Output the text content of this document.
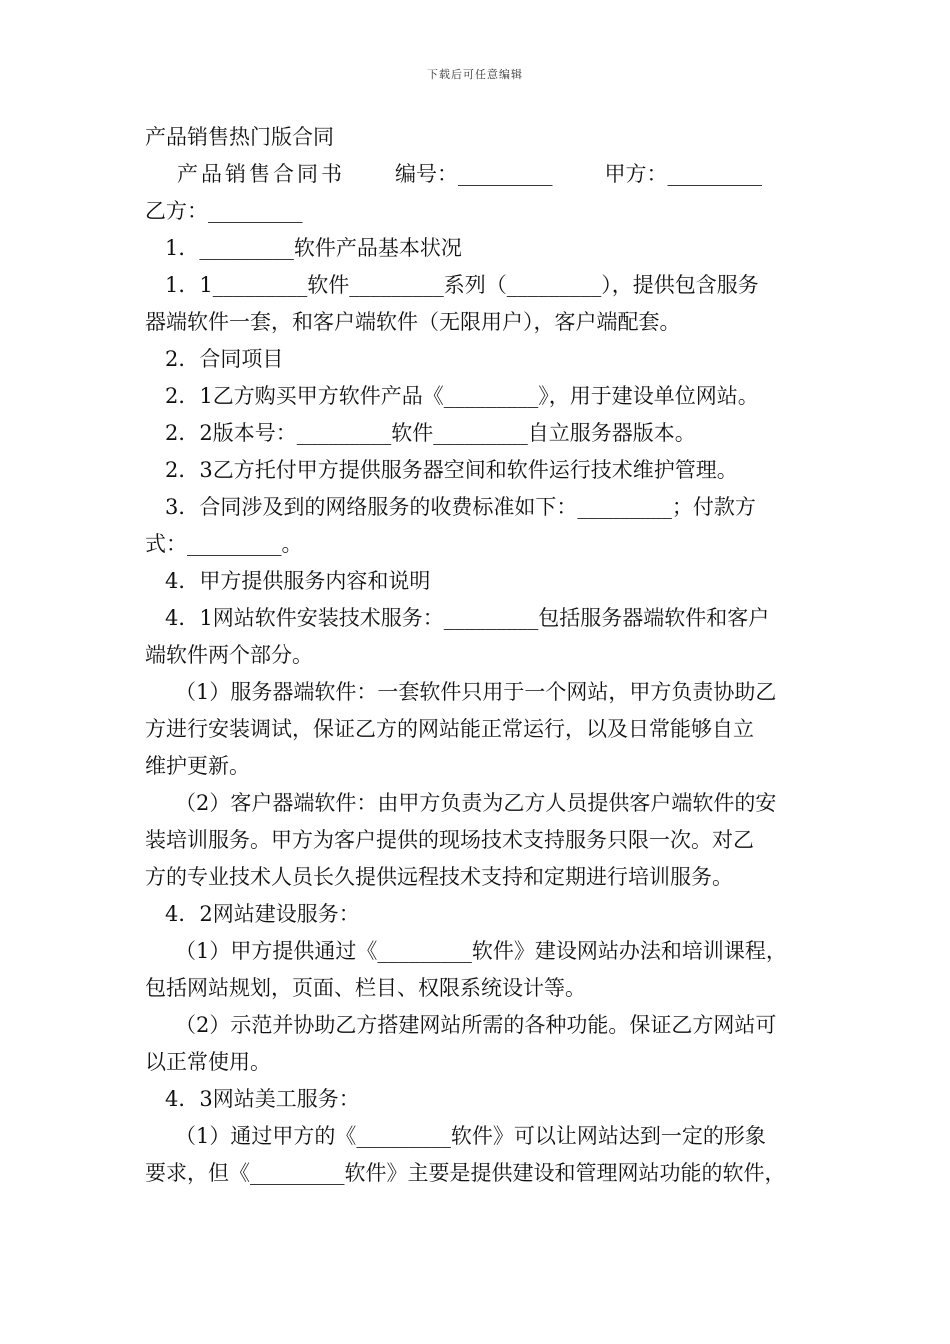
下载后可任意编辑
产品销售热门版合同
产品销售合同书 编号：_________ 甲方：_________
乙方：_________
1．_________软件产品基本状况
1．1_________软件_________系列（_________），提供包含服务
器端软件一套，和客户端软件（无限用户），客户端配套。
2．合同项目
2．1乙方购买甲方软件产品《_________》，用于建设单位网站。
2．2版本号：_________软件_________自立服务器版本。
2．3乙方托付甲方提供服务器空间和软件运行技术维护管理。
3．合同涉及到的网络服务的收费标准如下：_________；付款方
式：_________。
4．甲方提供服务内容和说明
4．1网站软件安装技术服务：_________包括服务器端软件和客户
端软件两个部分。
（1）服务器端软件：一套软件只用于一个网站，甲方负责协助乙
方进行安装调试，保证乙方的网站能正常运行，以及日常能够自立
维护更新。
（2）客户器端软件：由甲方负责为乙方人员提供客户端软件的安
装培训服务。甲方为客户提供的现场技术支持服务只限一次。对乙
方的专业技术人员长久提供远程技术支持和定期进行培训服务。
4．2网站建设服务：
（1）甲方提供通过《_________软件》建设网站办法和培训课程，
包括网站规划，页面、栏目、权限系统设计等。
（2）示范并协助乙方搭建网站所需的各种功能。保证乙方网站可
以正常使用。
4．3网站美工服务：
（1）通过甲方的《_________软件》可以让网站达到一定的形象
要求，但《_________软件》主要是提供建设和管理网站功能的软件，
